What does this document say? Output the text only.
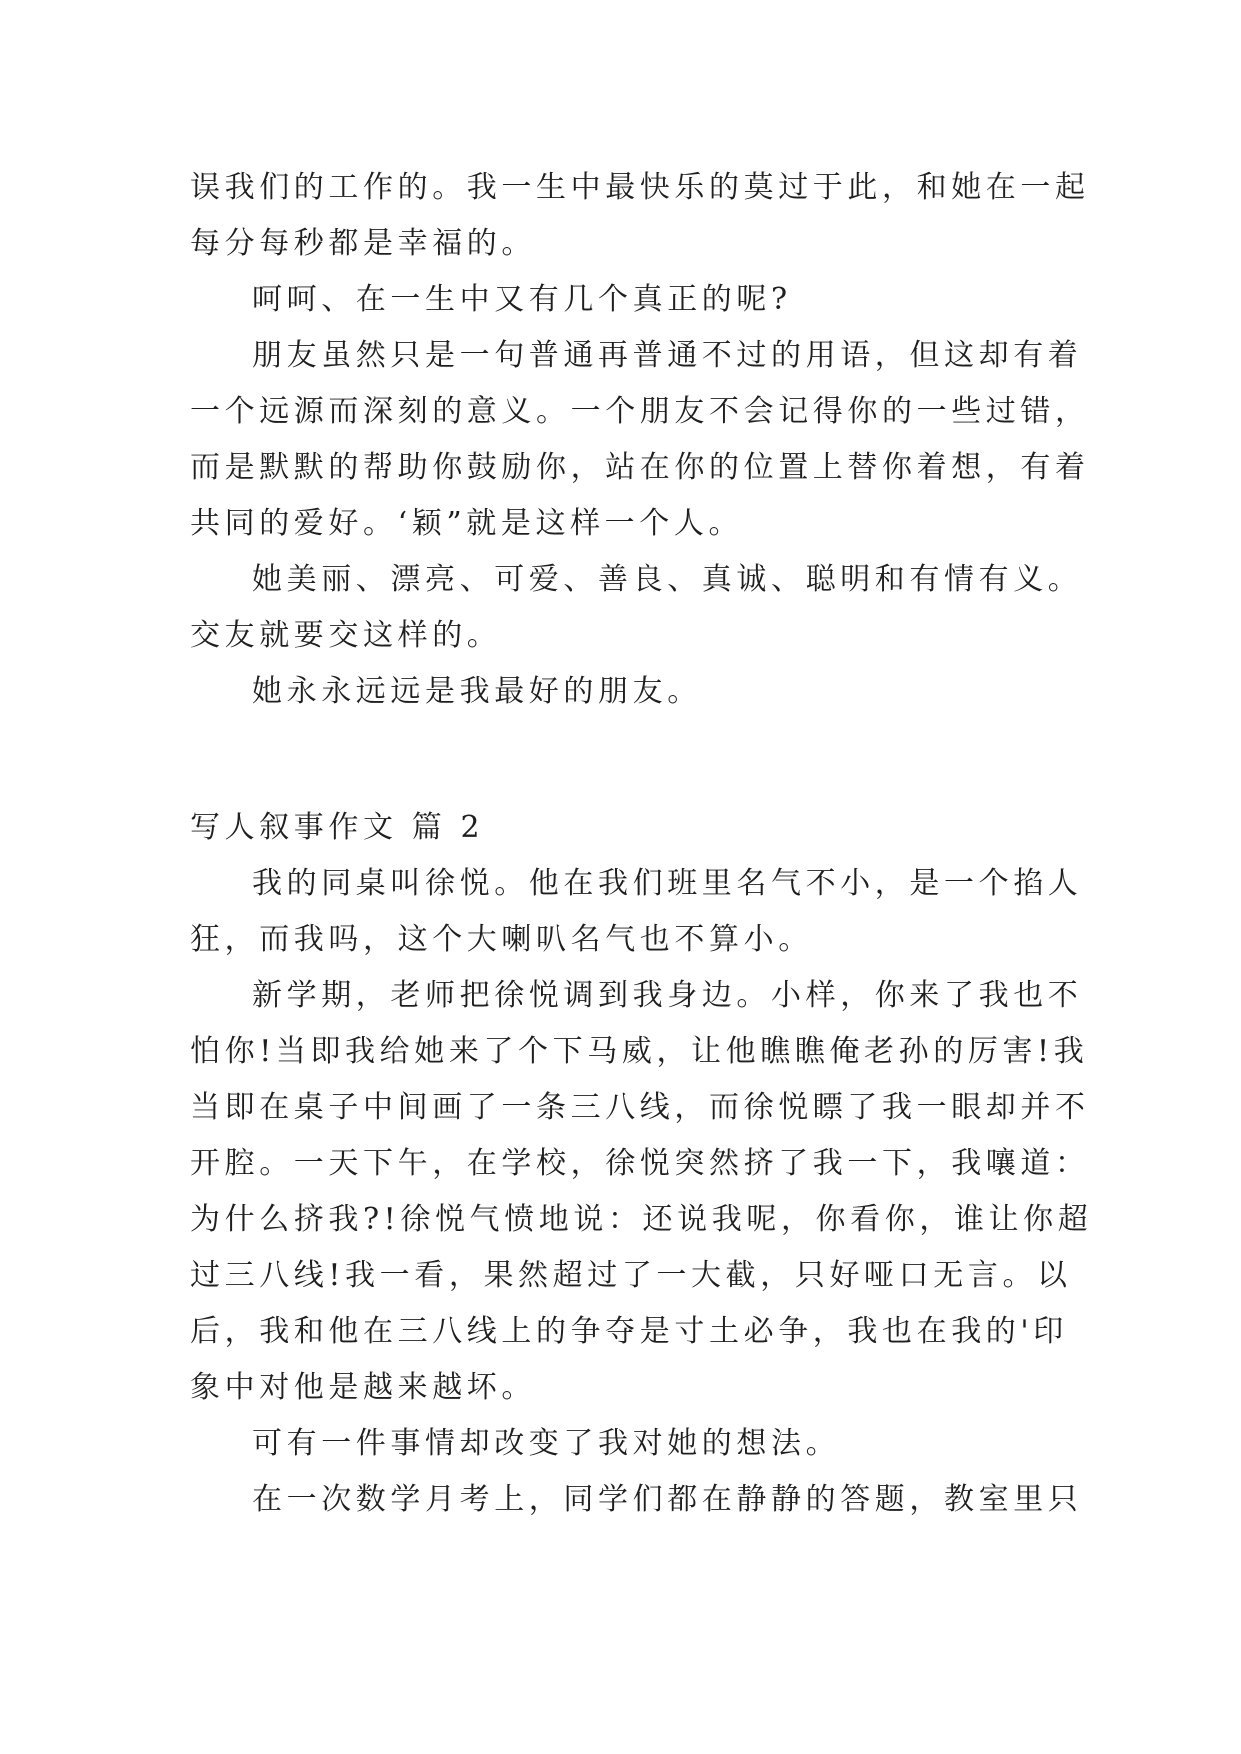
误我们的工作的。我一生中最快乐的莫过于此，和她在一起
每分每秒都是幸福的。
呵呵、在一生中又有几个真正的呢?
朋友虽然只是一句普通再普通不过的用语，但这却有着
一个远源而深刻的意义。一个朋友不会记得你的一些过错，
而是默默的帮助你鼓励你，站在你的位置上替你着想，有着
共同的爱好。‘颖”就是这样一个人。
她美丽、漂亮、可爱、善良、真诚、聪明和有情有义。
交友就要交这样的。
她永永远远是我最好的朋友。
写人叙事作文 篇 2
我的同桌叫徐悦。他在我们班里名气不小，是一个掐人
狂，而我吗，这个大喇叭名气也不算小。
新学期，老师把徐悦调到我身边。小样，你来了我也不
怕你!当即我给她来了个下马威，让他瞧瞧俺老孙的厉害!我
当即在桌子中间画了一条三八线，而徐悦瞟了我一眼却并不
开腔。一天下午，在学校，徐悦突然挤了我一下，我嚷道：
为什么挤我?!徐悦气愤地说：还说我呢，你看你，谁让你超
过三八线!我一看，果然超过了一大截，只好哑口无言。以
后，我和他在三八线上的争夺是寸土必争，我也在我的'印
象中对他是越来越坏。
可有一件事情却改变了我对她的想法。
在一次数学月考上，同学们都在静静的答题，教室里只
